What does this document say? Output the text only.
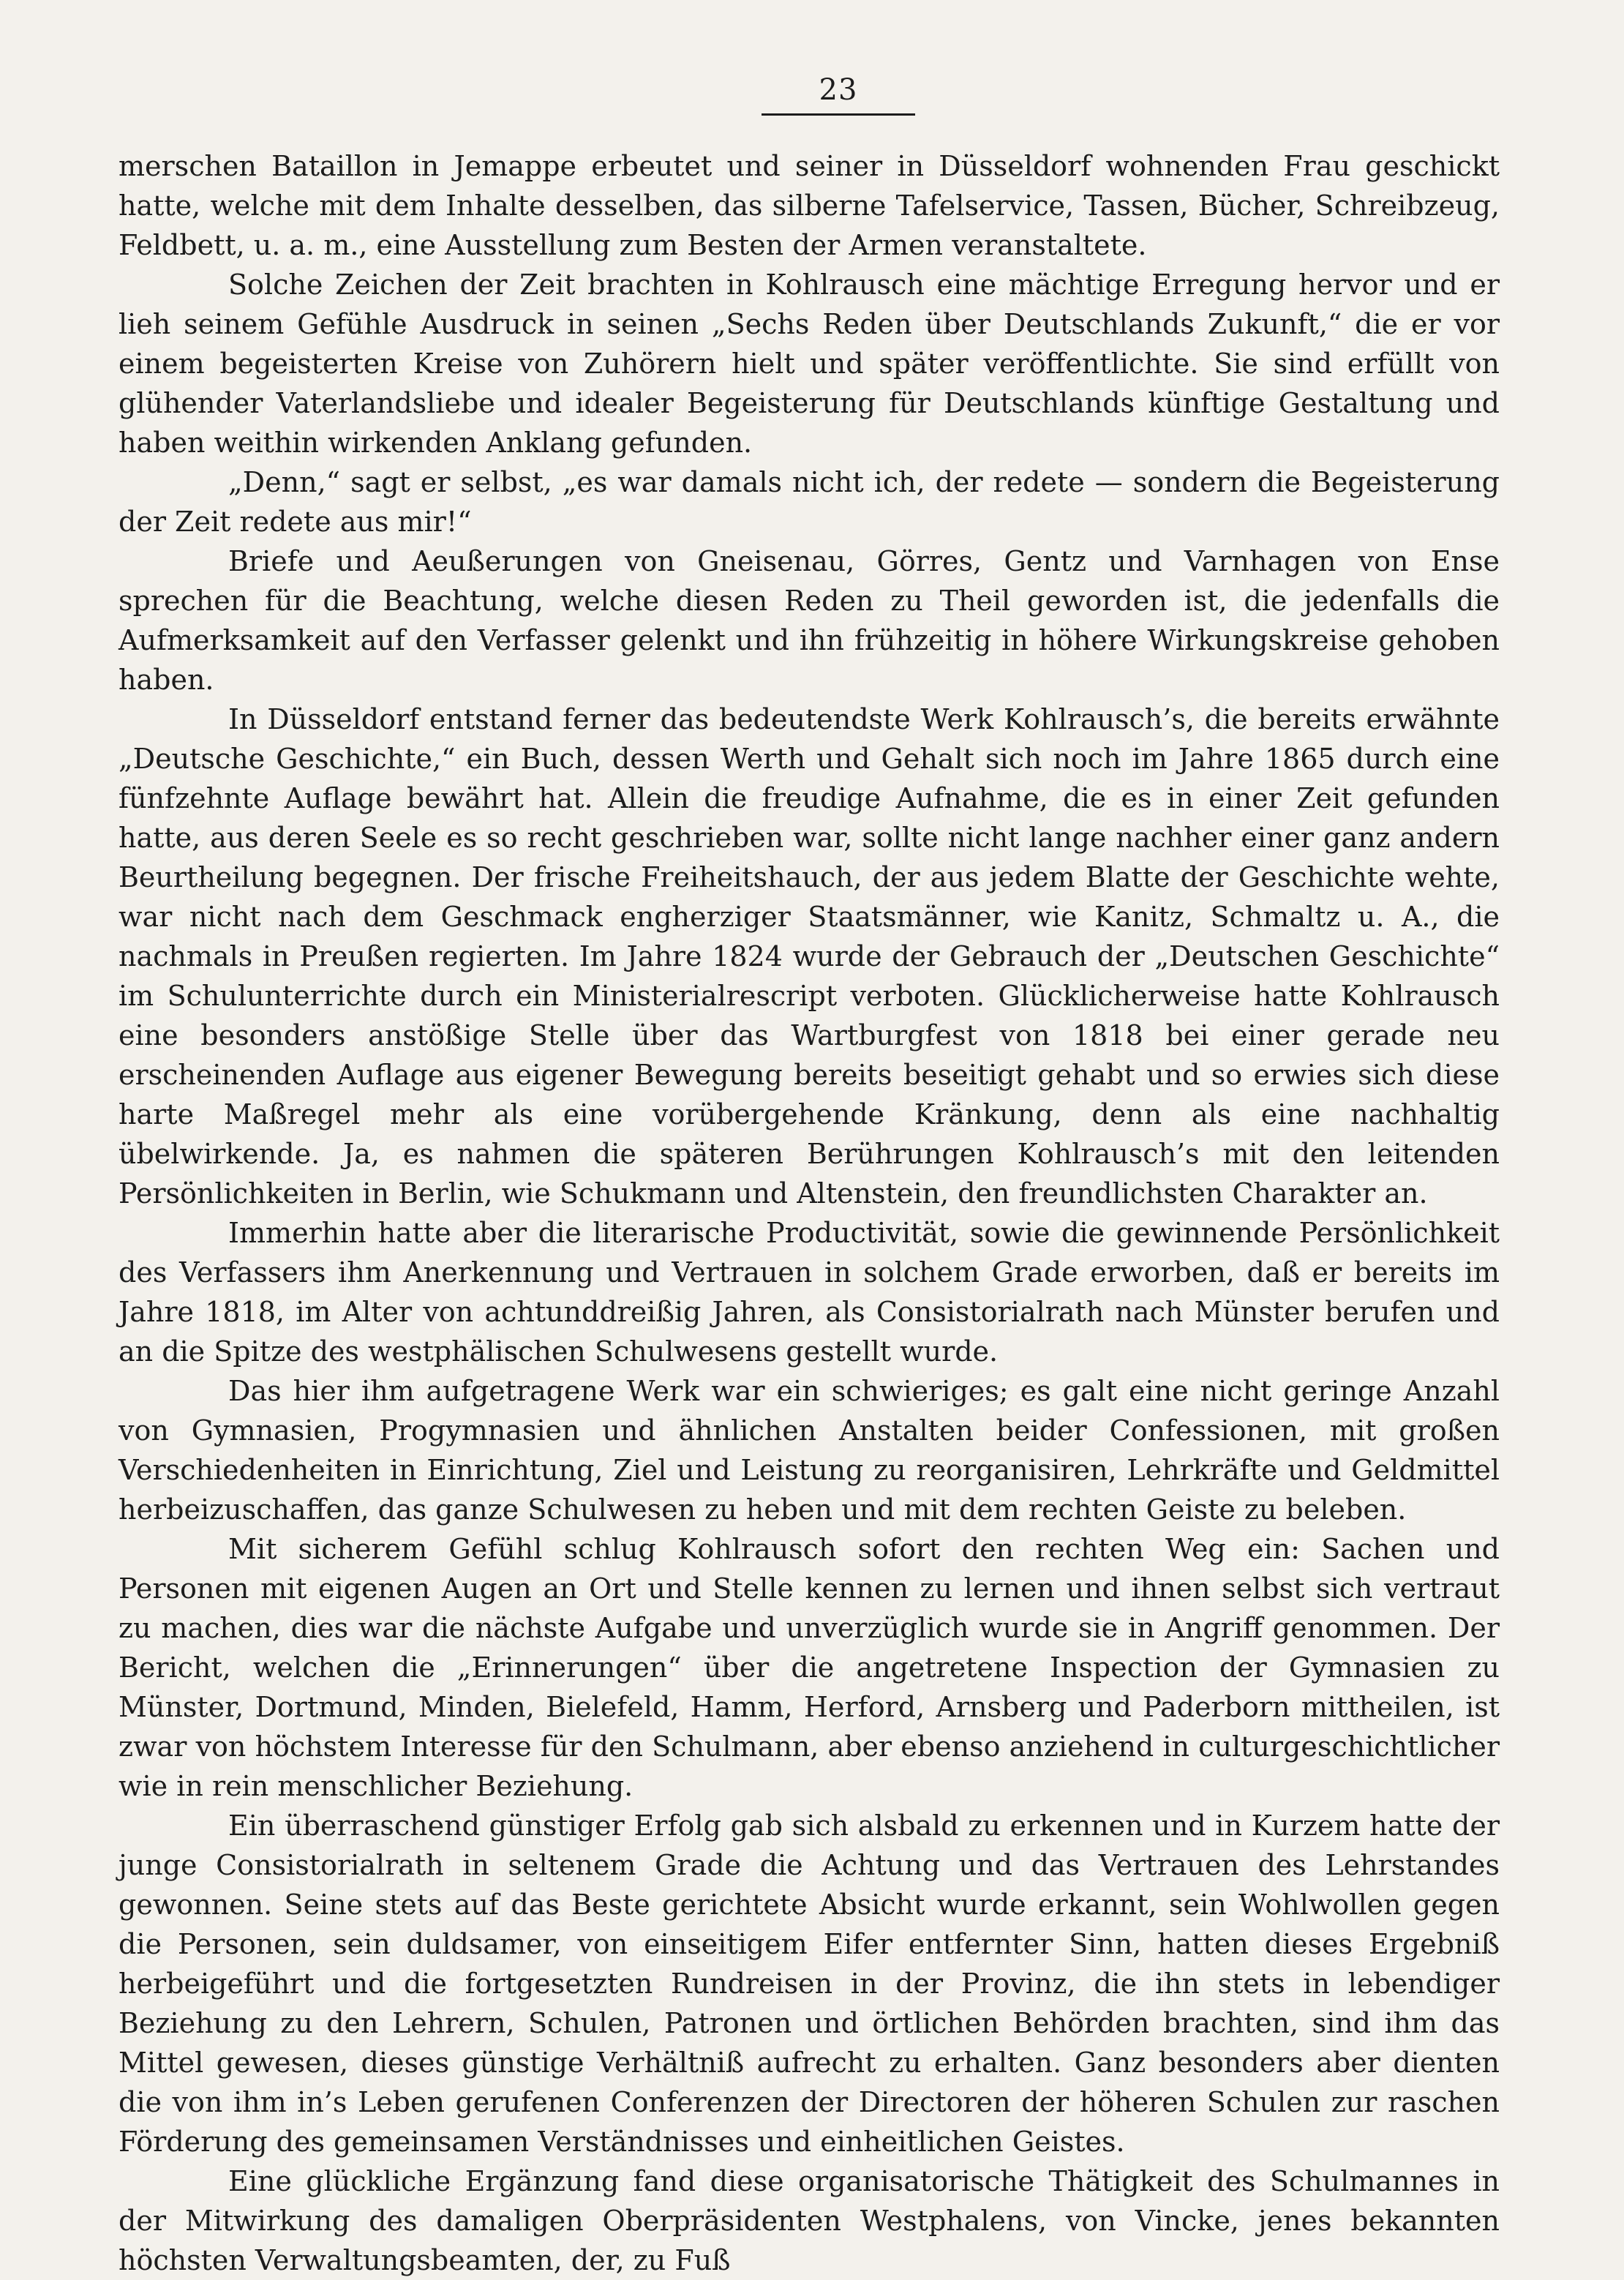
23

merschen Bataillon in Jemappe erbeutet und seiner in Düsseldorf wohnenden Frau geschickt hatte, welche mit dem Inhalte desselben, das silberne Tafelservice, Tassen, Bücher, Schreibzeug, Feldbett, u. a. m., eine Ausstellung zum Besten der Armen veranstaltete.

Solche Zeichen der Zeit brachten in Kohlrausch eine mächtige Erregung hervor und er lieh seinem Gefühle Ausdruck in seinen „Sechs Reden über Deutschlands Zukunft,“ die er vor einem begeisterten Kreise von Zuhörern hielt und später veröffentlichte. Sie sind erfüllt von glühender Vaterlandsliebe und idealer Begeisterung für Deutschlands künftige Gestaltung und haben weithin wirkenden Anklang gefunden.

„Denn,“ sagt er selbst, „es war damals nicht ich, der redete — sondern die Begeisterung der Zeit redete aus mir!“

Briefe und Aeußerungen von Gneisenau, Görres, Gentz und Varnhagen von Ense sprechen für die Beachtung, welche diesen Reden zu Theil geworden ist, die jedenfalls die Aufmerksamkeit auf den Verfasser gelenkt und ihn frühzeitig in höhere Wirkungskreise gehoben haben.

In Düsseldorf entstand ferner das bedeutendste Werk Kohlrausch’s, die bereits erwähnte „Deutsche Geschichte,“ ein Buch, dessen Werth und Gehalt sich noch im Jahre 1865 durch eine fünfzehnte Auflage bewährt hat. Allein die freudige Aufnahme, die es in einer Zeit gefunden hatte, aus deren Seele es so recht geschrieben war, sollte nicht lange nachher einer ganz andern Beurtheilung begegnen. Der frische Freiheitshauch, der aus jedem Blatte der Geschichte wehte, war nicht nach dem Geschmack engherziger Staatsmänner, wie Kanitz, Schmaltz u. A., die nachmals in Preußen regierten. Im Jahre 1824 wurde der Gebrauch der „Deutschen Geschichte“ im Schulunterrichte durch ein Ministerialrescript verboten. Glücklicherweise hatte Kohlrausch eine besonders anstößige Stelle über das Wartburgfest von 1818 bei einer gerade neu erscheinenden Auflage aus eigener Bewegung bereits beseitigt gehabt und so erwies sich diese harte Maßregel mehr als eine vorübergehende Kränkung, denn als eine nachhaltig übelwirkende. Ja, es nahmen die späteren Berührungen Kohlrausch’s mit den leitenden Persönlichkeiten in Berlin, wie Schukmann und Altenstein, den freundlichsten Charakter an.

Immerhin hatte aber die literarische Productivität, sowie die gewinnende Persönlichkeit des Verfassers ihm Anerkennung und Vertrauen in solchem Grade erworben, daß er bereits im Jahre 1818, im Alter von achtunddreißig Jahren, als Consistorialrath nach Münster berufen und an die Spitze des westphälischen Schulwesens gestellt wurde.

Das hier ihm aufgetragene Werk war ein schwieriges; es galt eine nicht geringe Anzahl von Gymnasien, Progymnasien und ähnlichen Anstalten beider Confessionen, mit großen Verschiedenheiten in Einrichtung, Ziel und Leistung zu reorganisiren, Lehrkräfte und Geldmittel herbeizuschaffen, das ganze Schulwesen zu heben und mit dem rechten Geiste zu beleben.

Mit sicherem Gefühl schlug Kohlrausch sofort den rechten Weg ein: Sachen und Personen mit eigenen Augen an Ort und Stelle kennen zu lernen und ihnen selbst sich vertraut zu machen, dies war die nächste Aufgabe und unverzüglich wurde sie in Angriff genommen. Der Bericht, welchen die „Erinnerungen“ über die angetretene Inspection der Gymnasien zu Münster, Dortmund, Minden, Bielefeld, Hamm, Herford, Arnsberg und Paderborn mittheilen, ist zwar von höchstem Interesse für den Schulmann, aber ebenso anziehend in culturgeschichtlicher wie in rein menschlicher Beziehung.

Ein überraschend günstiger Erfolg gab sich alsbald zu erkennen und in Kurzem hatte der junge Consistorialrath in seltenem Grade die Achtung und das Vertrauen des Lehrstandes gewonnen. Seine stets auf das Beste gerichtete Absicht wurde erkannt, sein Wohlwollen gegen die Personen, sein duldsamer, von einseitigem Eifer entfernter Sinn, hatten dieses Ergebniß herbeigeführt und die fortgesetzten Rundreisen in der Provinz, die ihn stets in lebendiger Beziehung zu den Lehrern, Schulen, Patronen und örtlichen Behörden brachten, sind ihm das Mittel gewesen, dieses günstige Verhältniß aufrecht zu erhalten. Ganz besonders aber dienten die von ihm in’s Leben gerufenen Conferenzen der Directoren der höheren Schulen zur raschen Förderung des gemeinsamen Verständnisses und einheitlichen Geistes.

Eine glückliche Ergänzung fand diese organisatorische Thätigkeit des Schulmannes in der Mitwirkung des damaligen Oberpräsidenten Westphalens, von Vincke, jenes bekannten höchsten Verwaltungsbeamten, der, zu Fuß
